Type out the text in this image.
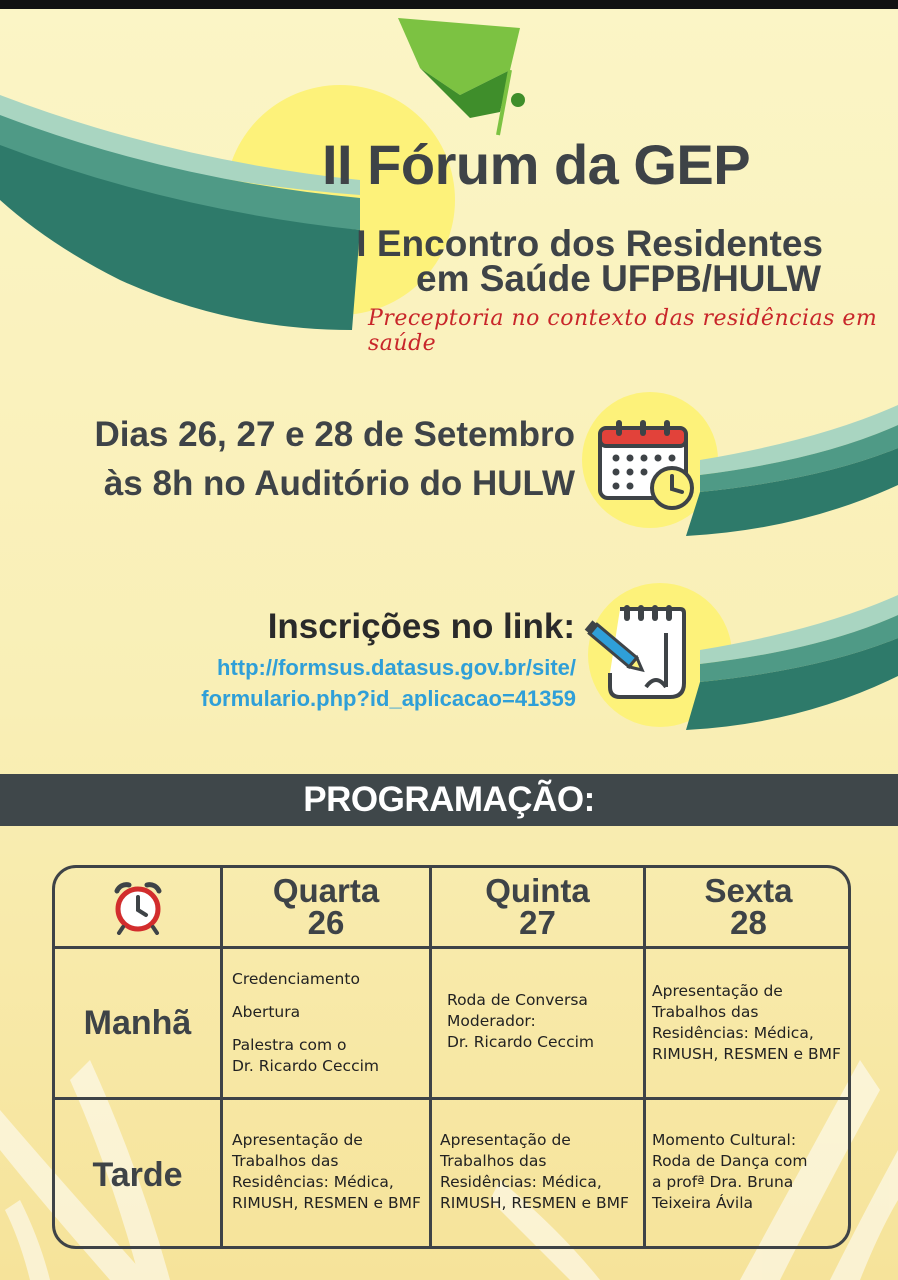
II Fórum da GEP
I Encontro dos Residentes
em Saúde UFPB/HULW
Preceptoria no contexto das residências em saúde
Dias 26, 27 e 28 de Setembro
às 8h no Auditório do HULW
Inscrições no link:
http://formsus.datasus.gov.br/site/
formulario.php?id_aplicacao=41359
PROGRAMAÇÃO:
Quarta
26
Quinta
27
Sexta
28
Manhã
Tarde
Credenciamento
Abertura
Palestra com o
Dr. Ricardo Ceccim
Roda de Conversa
Moderador:
Dr. Ricardo Ceccim
Apresentação de
Trabalhos das
Residências: Médica,
RIMUSH, RESMEN e BMF
Apresentação de
Trabalhos das
Residências: Médica,
RIMUSH, RESMEN e BMF
Apresentação de
Trabalhos das
Residências: Médica,
RIMUSH, RESMEN e BMF
Momento Cultural:
Roda de Dança com
a profª Dra. Bruna
Teixeira Ávila
